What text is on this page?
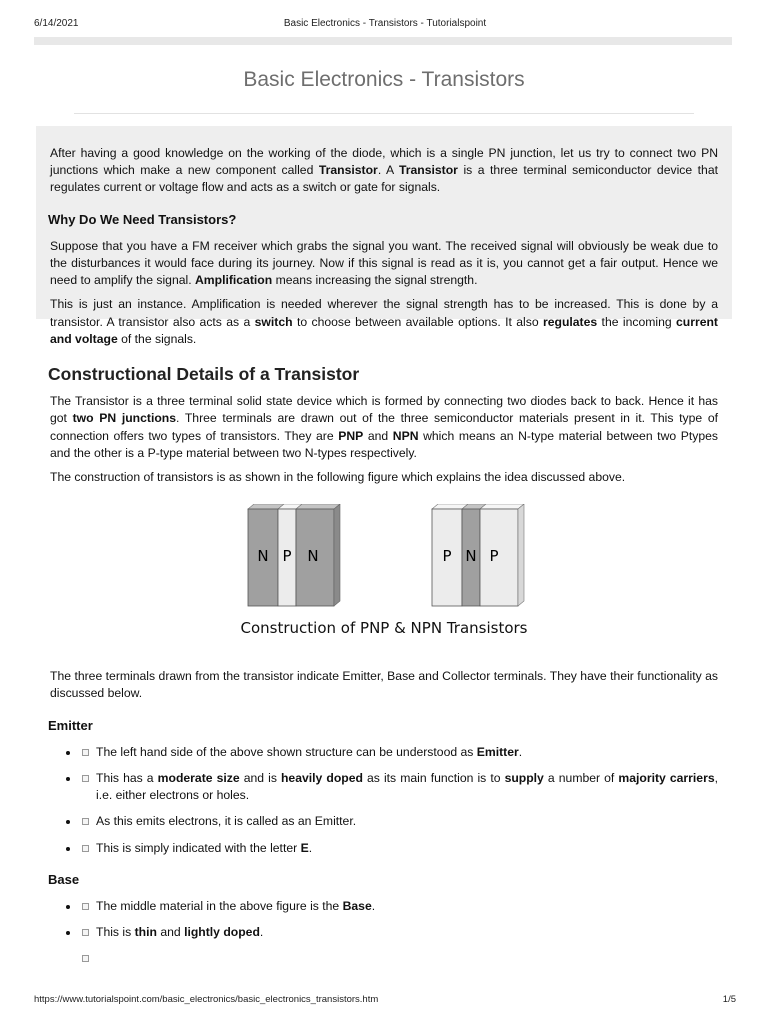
6/14/2021	Basic Electronics - Transistors - Tutorialspoint
Basic Electronics - Transistors

After having a good knowledge on the working of the diode, which is a single PN junction, let us try to connect two PN junctions which make a new component called Transistor. A Transistor is a three terminal semiconductor device that regulates current or voltage flow and acts as a switch or gate for signals.

Why Do We Need Transistors?

Suppose that you have a FM receiver which grabs the signal you want. The received signal will obviously be weak due to the disturbances it would face during its journey. Now if this signal is read as it is, you cannot get a fair output. Hence we need to amplify the signal. Amplification means increasing the signal strength.

This is just an instance. Amplification is needed wherever the signal strength has to be increased. This is done by a transistor. A transistor also acts as a switch to choose between available options. It also regulates the incoming current and voltage of the signals.

Constructional Details of a Transistor

The Transistor is a three terminal solid state device which is formed by connecting two diodes back to back. Hence it has got two PN junctions. Three terminals are drawn out of the three semiconductor materials present in it. This type of connection offers two types of transistors. They are PNP and NPN which means an N-type material between two Ptypes and the other is a P-type material between two N-types respectively.

The construction of transistors is as shown in the following figure which explains the idea discussed above.

N P N	P N P
Construction of PNP & NPN Transistors

The three terminals drawn from the transistor indicate Emitter, Base and Collector terminals. They have their functionality as discussed below.

Emitter
The left hand side of the above shown structure can be understood as Emitter.
This has a moderate size and is heavily doped as its main function is to supply a number of majority carriers, i.e. either electrons or holes.
As this emits electrons, it is called as an Emitter.
This is simply indicated with the letter E.
Base
The middle material in the above figure is the Base.
This is thin and lightly doped.

https://www.tutorialspoint.com/basic_electronics/basic_electronics_transistors.htm	1/5
